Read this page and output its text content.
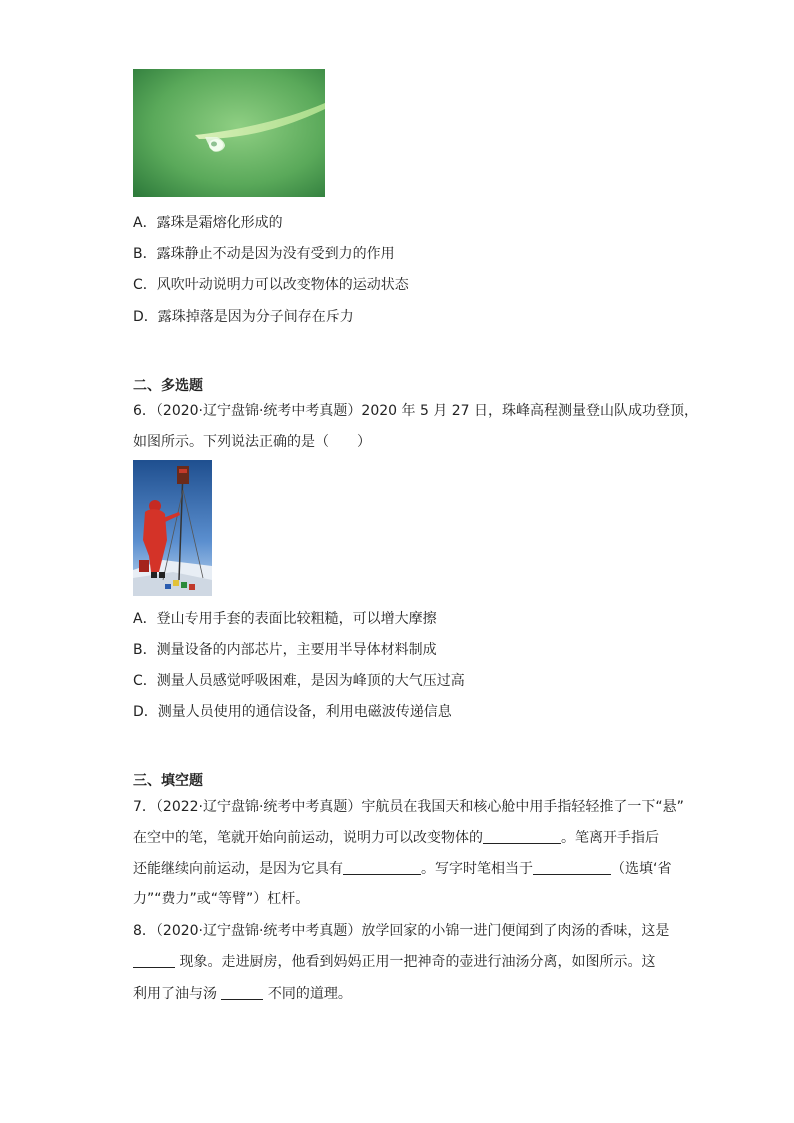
A．露珠是霜熔化形成的
B．露珠静止不动是因为没有受到力的作用
C．风吹叶动说明力可以改变物体的运动状态
D．露珠掉落是因为分子间存在斥力
二、多选题
6．（2020·辽宁盘锦·统考中考真题）2020 年 5 月 27 日，珠峰高程测量登山队成功登顶，
如图所示。下列说法正确的是（　　）
A．登山专用手套的表面比较粗糙，可以增大摩擦
B．测量设备的内部芯片，主要用半导体材料制成
C．测量人员感觉呼吸困难，是因为峰顶的大气压过高
D．测量人员使用的通信设备，利用电磁波传递信息
三、填空题
7．（2022·辽宁盘锦·统考中考真题）宇航员在我国天和核心舱中用手指轻轻推了一下“悬”
在空中的笔，笔就开始向前运动，说明力可以改变物体的	。笔离开手指后
还能继续向前运动，是因为它具有	。写字时笔相当于	（选填‘省
力”“费力”或“等臂”）杠杆。
8．（2020·辽宁盘锦·统考中考真题）放学回家的小锦一进门便闻到了肉汤的香味，这是
现象。走进厨房，他看到妈妈正用一把神奇的壶进行油汤分离，如图所示。这
利用了油与汤	不同的道理。
